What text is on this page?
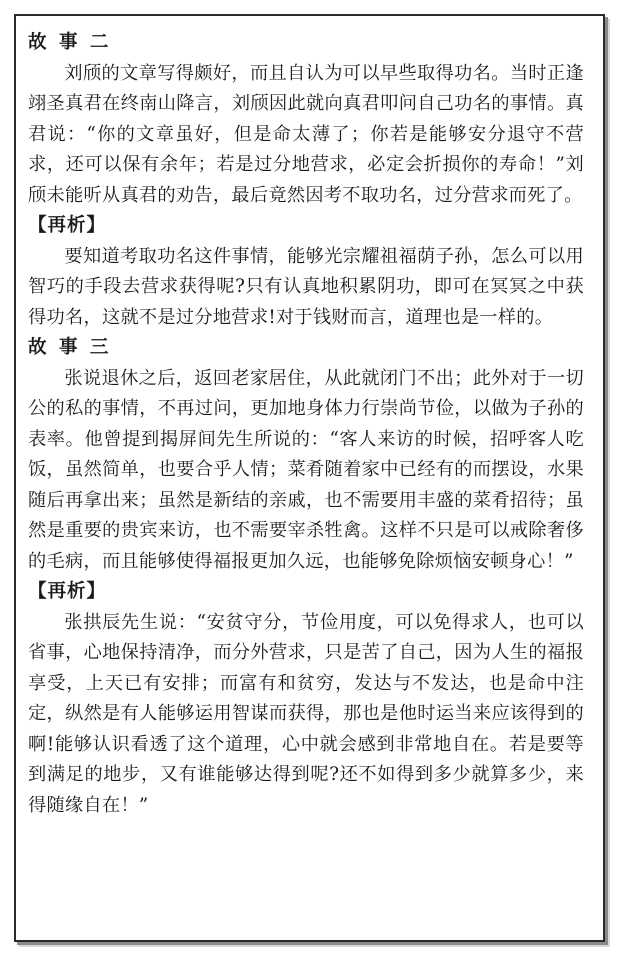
故 事 二

刘颀的文章写得颇好，而且自认为可以早些取得功名。当时正逢翊圣真君在终南山降言，刘颀因此就向真君叩问自己功名的事情。真君说：“你的文章虽好，但是命太薄了；你若是能够安分退守不营求，还可以保有余年；若是过分地营求，必定会折损你的寿命！”刘颀未能听从真君的劝告，最后竟然因考不取功名，过分营求而死了。

【再析】

要知道考取功名这件事情，能够光宗耀祖福荫子孙，怎么可以用智巧的手段去营求获得呢?只有认真地积累阴功，即可在冥冥之中获得功名，这就不是过分地营求!对于钱财而言，道理也是一样的。

故 事 三

张说退休之后，返回老家居住，从此就闭门不出；此外对于一切公的私的事情，不再过问，更加地身体力行崇尚节俭，以做为子孙的表率。他曾提到揭屏间先生所说的：“客人来访的时候，招呼客人吃饭，虽然简单，也要合乎人情；菜肴随着家中已经有的而摆设，水果随后再拿出来；虽然是新结的亲戚，也不需要用丰盛的菜肴招待；虽然是重要的贵宾来访，也不需要宰杀牲禽。这样不只是可以戒除奢侈的毛病，而且能够使得福报更加久远，也能够免除烦恼安顿身心！”

【再析】

张拱辰先生说：“安贫守分，节俭用度，可以免得求人，也可以省事，心地保持清净，而分外营求，只是苦了自己，因为人生的福报享受，上天已有安排；而富有和贫穷，发达与不发达，也是命中注定，纵然是有人能够运用智谋而获得，那也是他时运当来应该得到的啊!能够认识看透了这个道理，心中就会感到非常地自在。若是要等到满足的地步，又有谁能够达得到呢?还不如得到多少就算多少，来得随缘自在！”
